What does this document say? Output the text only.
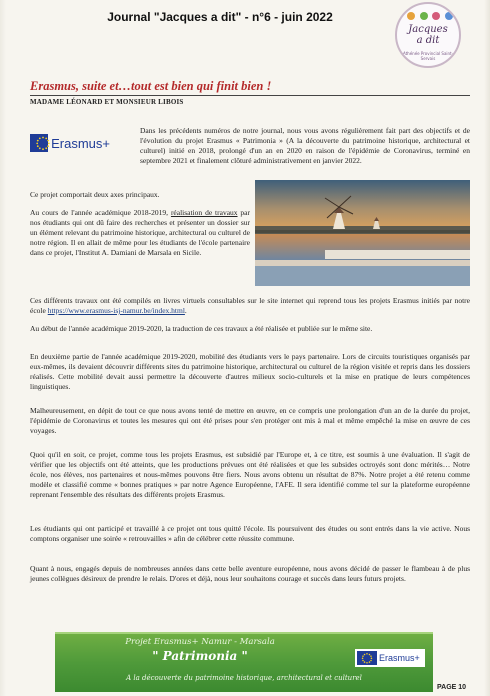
Journal "Jacques a dit" - n°6 - juin 2022
Jacques
a dit
Athénée Provincial Saint-Servais

Erasmus, suite et…tout est bien qui finit bien !
MADAME LÉONARD ET MONSIEUR LIBOIS
Erasmus+

Dans les précédents numéros de notre journal, nous vous avons régulièrement fait part des objectifs et de l'évolution du projet Erasmus « Patrimonia » (A la découverte du patrimoine historique, architectural et culturel) initié en 2018, prolongé d'un an en 2020 en raison de l'épidémie de Coronavirus, terminé en septembre 2021 et finalement clôturé administrativement en janvier 2022.

Ce projet comportait deux axes principaux.

Au cours de l'année académique 2018-2019, réalisation de travaux par nos étudiants qui ont dû faire des recherches et présenter un dossier sur un élément relevant du patrimoine historique, architectural ou culturel de notre région. Il en allait de même pour les étudiants de l'école partenaire dans ce projet, l'Institut A. Damiani de Marsala en Sicile.

Ces différents travaux ont été compilés en livres virtuels consultables sur le site internet qui reprend tous les projets Erasmus initiés par notre école https://www.erasmus-isj-namur.be/index.html.

Au début de l'année académique 2019-2020, la traduction de ces travaux a été réalisée et publiée sur le même site.

En deuxième partie de l'année académique 2019-2020, mobilité des étudiants vers le pays partenaire. Lors de circuits touristiques organisés par eux-mêmes, ils devaient découvrir différents sites du patrimoine historique, architectural ou culturel de la région visitée et repris dans les dossiers réalisés. Cette mobilité devait aussi permettre la découverte d'autres milieux socio-culturels et la mise en pratique de leurs compétences linguistiques.

Malheureusement, en dépit de tout ce que nous avons tenté de mettre en œuvre, en ce compris une prolongation d'un an de la durée du projet, l'épidémie de Coronavirus et toutes les mesures qui ont été prises pour s'en protéger ont mis à mal et même empêché la mise en œuvre de ces voyages.

Quoi qu'il en soit, ce projet, comme tous les projets Erasmus, est subsidié par l'Europe et, à ce titre, est soumis à une évaluation. Il s'agit de vérifier que les objectifs ont été atteints, que les productions prévues ont été réalisées et que les subsides octroyés sont donc mérités… Notre école, nos élèves, nos partenaires et nous-mêmes pouvons être fiers. Nous avons obtenu un résultat de 87%. Notre projet a été retenu comme modèle et classifié comme « bonnes pratiques » par notre Agence Européenne, l'AFE. Il sera identifié comme tel sur la plateforme européenne reprenant l'ensemble des résultats des différents projets Erasmus.

Les étudiants qui ont participé et travaillé à ce projet ont tous quitté l'école. Ils poursuivent des études ou sont entrés dans la vie active. Nous comptons organiser une soirée « retrouvailles » afin de célébrer cette réussite commune.

Quant à nous, engagés depuis de nombreuses années dans cette belle aventure européenne, nous avons décidé de passer le flambeau à de plus jeunes collègues désireux de prendre le relais. D'ores et déjà, nous leur souhaitons courage et succès dans leurs futurs projets.

Projet Erasmus+ Namur - Marsala
" Patrimonia "	Erasmus+
A la découverte du patrimoine historique, architectural et culturel
PAGE 10
